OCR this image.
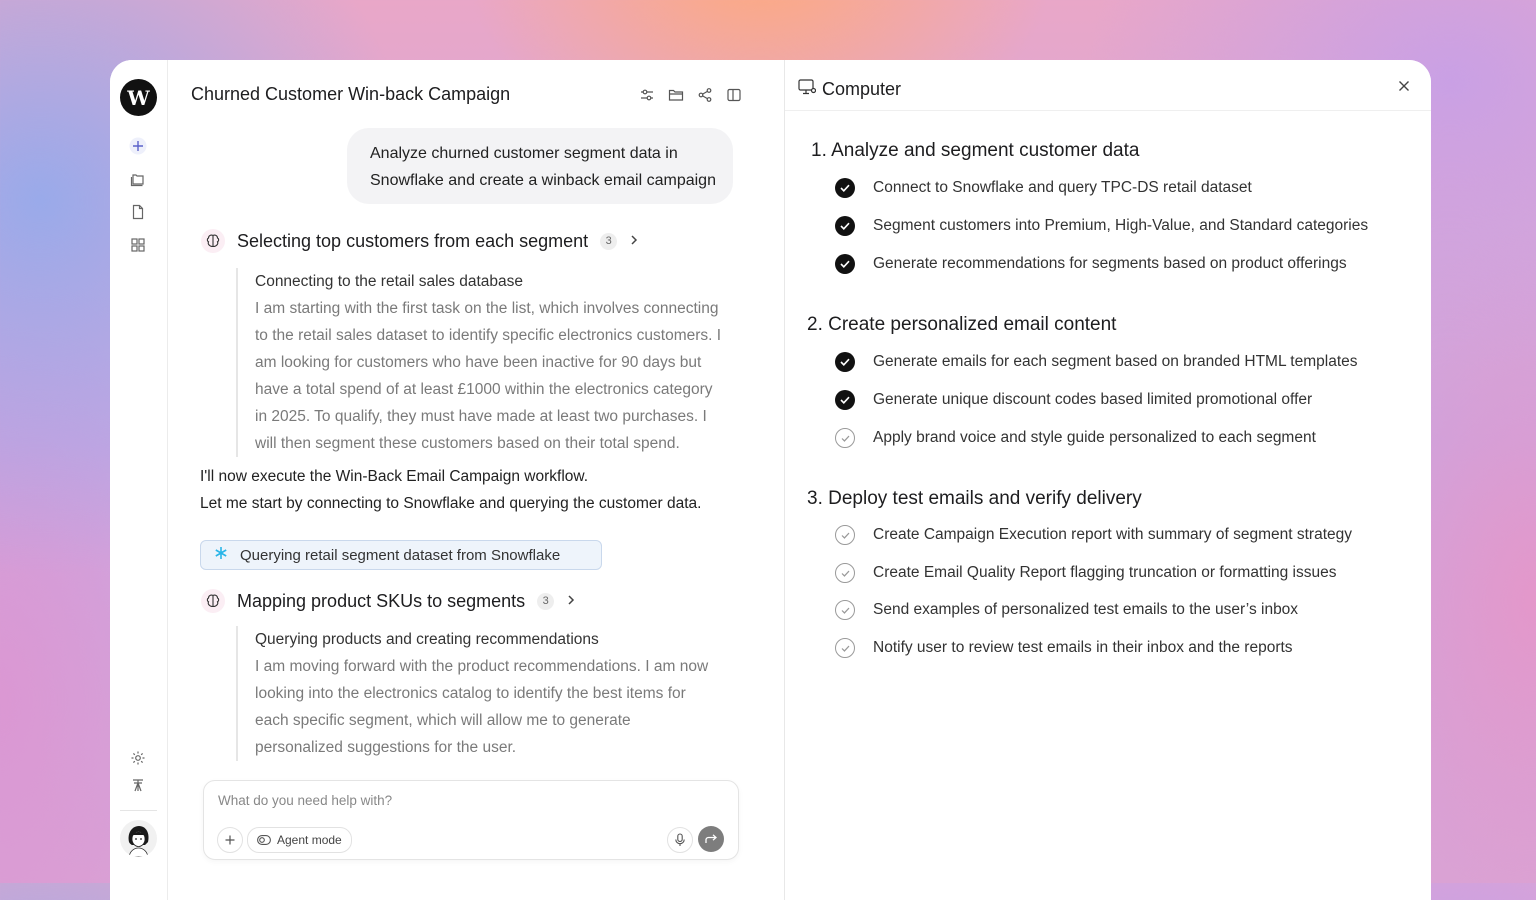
W	Churned Customer Win-back Campaign
Analyze churned customer segment data in
Snowflake and create a winback email campaign
Selecting top customers from each segment	3
Connecting to the retail sales database
I am starting with the first task on the list, which involves connecting
to the retail sales dataset to identify specific electronics customers. I
am looking for customers who have been inactive for 90 days but
have a total spend of at least £1000 within the electronics category
in 2025. To qualify, they must have made at least two purchases. I
will then segment these customers based on their total spend.
I'll now execute the Win-Back Email Campaign workflow.
Let me start by connecting to Snowflake and querying the customer data.
Querying retail segment dataset from Snowflake
Mapping product SKUs to segments	3
Querying products and creating recommendations
I am moving forward with the product recommendations. I am now
looking into the electronics catalog to identify the best items for
each specific segment, which will allow me to generate
personalized suggestions for the user.
What do you need help with?
Agent mode
Computer
1. Analyze and segment customer data
Connect to Snowflake and query TPC-DS retail dataset
Segment customers into Premium, High-Value, and Standard categories
Generate recommendations for segments based on product offerings
2. Create personalized email content
Generate emails for each segment based on branded HTML templates
Generate unique discount codes based limited promotional offer
Apply brand voice and style guide personalized to each segment
3. Deploy test emails and verify delivery
Create Campaign Execution report with summary of segment strategy
Create Email Quality Report flagging truncation or formatting issues
Send examples of personalized test emails to the user’s inbox
Notify user to review test emails in their inbox and the reports
